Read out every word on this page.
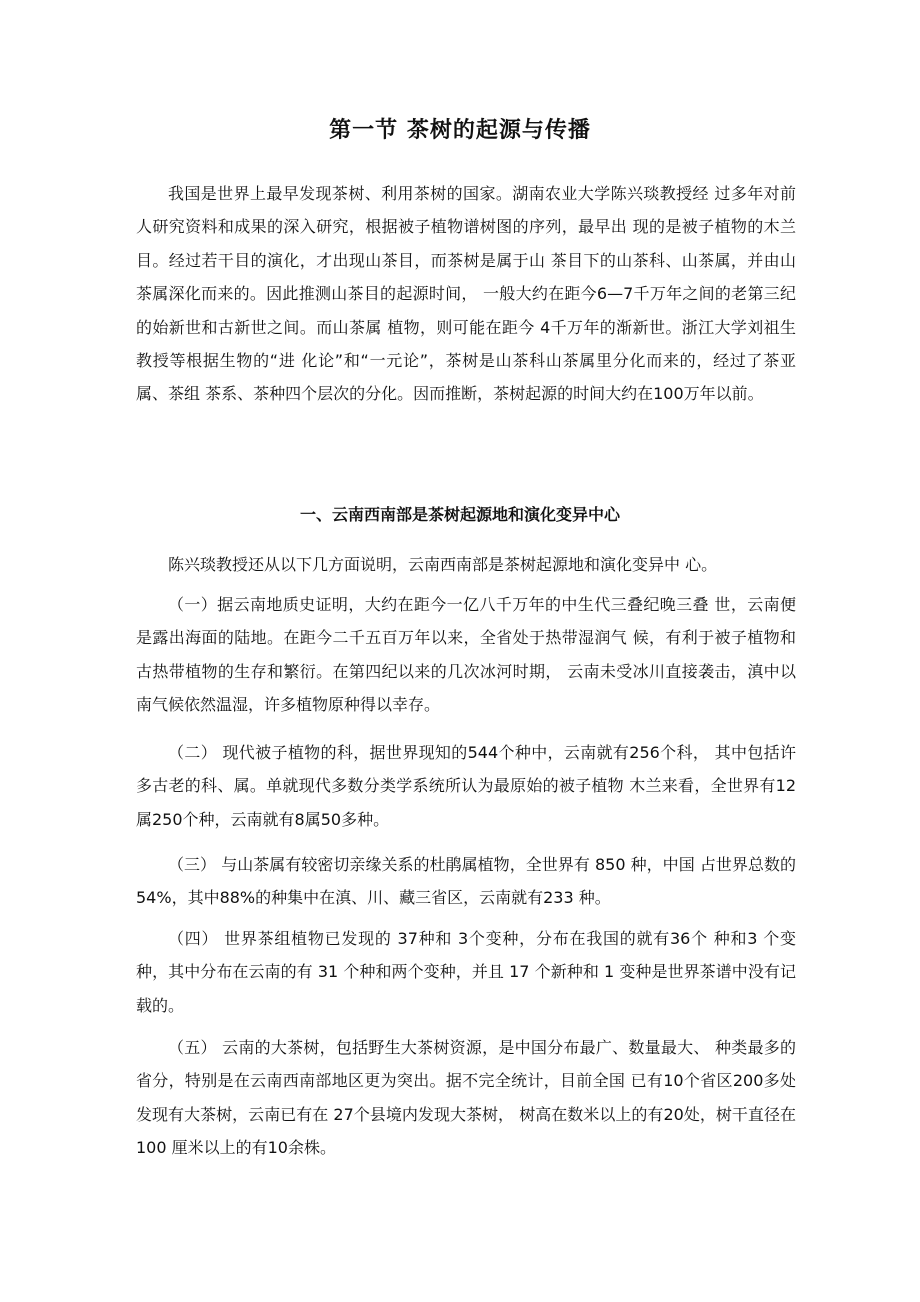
第一节 茶树的起源与传播

我国是世界上最早发现茶树、利用茶树的国家。湖南农业大学陈兴琰教授经 过多年对前人研究资料和成果的深入研究，根据被子植物谱树图的序列，最早出 现的是被子植物的木兰目。经过若干目的演化，才出现山茶目，而茶树是属于山 茶目下的山茶科、山茶属，并由山茶属深化而来的。因此推测山茶目的起源时间， 一般大约在距今6—7千万年之间的老第三纪的始新世和古新世之间。而山茶属 植物，则可能在距今 4千万年的渐新世。浙江大学刘祖生教授等根据生物的“进 化论”和“一元论”，茶树是山茶科山茶属里分化而来的，经过了茶亚属、茶组 茶系、茶种四个层次的分化。因而推断，茶树起源的时间大约在100万年以前。

一、云南西南部是茶树起源地和演化变异中心

陈兴琰教授还从以下几方面说明，云南西南部是茶树起源地和演化变异中 心。

（一）据云南地质史证明，大约在距今一亿八千万年的中生代三叠纪晚三叠 世，云南便是露出海面的陆地。在距今二千五百万年以来，全省处于热带湿润气 候，有利于被子植物和古热带植物的生存和繁衍。在第四纪以来的几次冰河时期， 云南未受冰川直接袭击，滇中以南气候依然温湿，许多植物原种得以幸存。

（二） 现代被子植物的科，据世界现知的544个种中，云南就有256个科， 其中包括许多古老的科、属。单就现代多数分类学系统所认为最原始的被子植物 木兰来看，全世界有12属250个种，云南就有8属50多种。

（三） 与山茶属有较密切亲缘关系的杜鹃属植物，全世界有 850 种，中国 占世界总数的 54%，其中88%的种集中在滇、川、藏三省区，云南就有233 种。

（四） 世界茶组植物已发现的 37种和 3个变种，分布在我国的就有36个 种和3 个变种，其中分布在云南的有 31 个种和两个变种，并且 17 个新种和 1 变种是世界茶谱中没有记载的。

（五） 云南的大茶树，包括野生大茶树资源，是中国分布最广、数量最大、 种类最多的省分，特别是在云南西南部地区更为突出。据不完全统计，目前全国 已有10个省区200多处发现有大茶树，云南已有在 27个县境内发现大茶树， 树高在数米以上的有20处，树干直径在100 厘米以上的有10余株。
